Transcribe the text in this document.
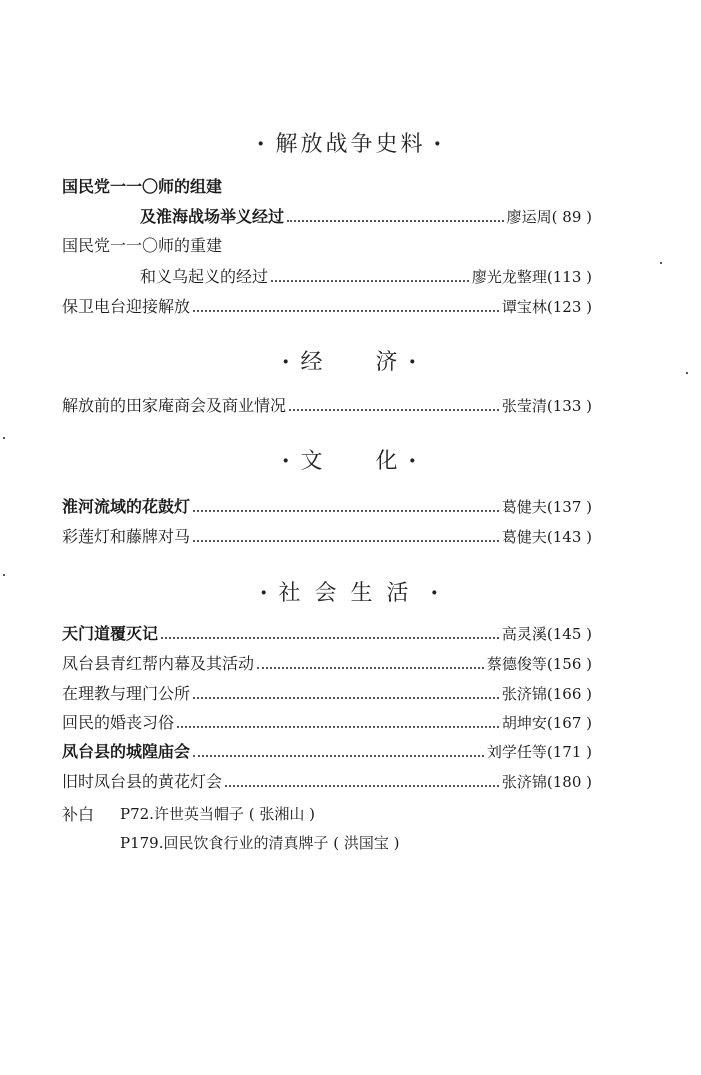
· 解放战争史料 ·
国民党一一〇师的组建
及淮海战场举义经过	廖运周 ( 89 )
国民党一一〇师的重建
和义乌起义的经过	廖光龙整理 (113 )
保卫电台迎接解放	谭宝林 (123 )
· 经　　济 ·
解放前的田家庵商会及商业情况	张莹清 (133 )
· 文　　化 ·
淮河流域的花鼓灯	葛健夫 (137 )
彩莲灯和藤牌对马	葛健夫 (143 )
· 社会生活 ·
天门道覆灭记	高灵溪 (145 )
凤台县青红帮内幕及其活动	蔡德俊等 (156 )
在理教与理门公所	张济锦 (166 )
回民的婚丧习俗	胡坤安 (167 )
凤台县的城隍庙会	刘学任等 (171 )
旧时凤台县的黄花灯会	张济锦 (180 )
补白 P72.许世英当帽子 ( 张湘山 )
P179.回民饮食行业的清真牌子 ( 洪国宝 )
